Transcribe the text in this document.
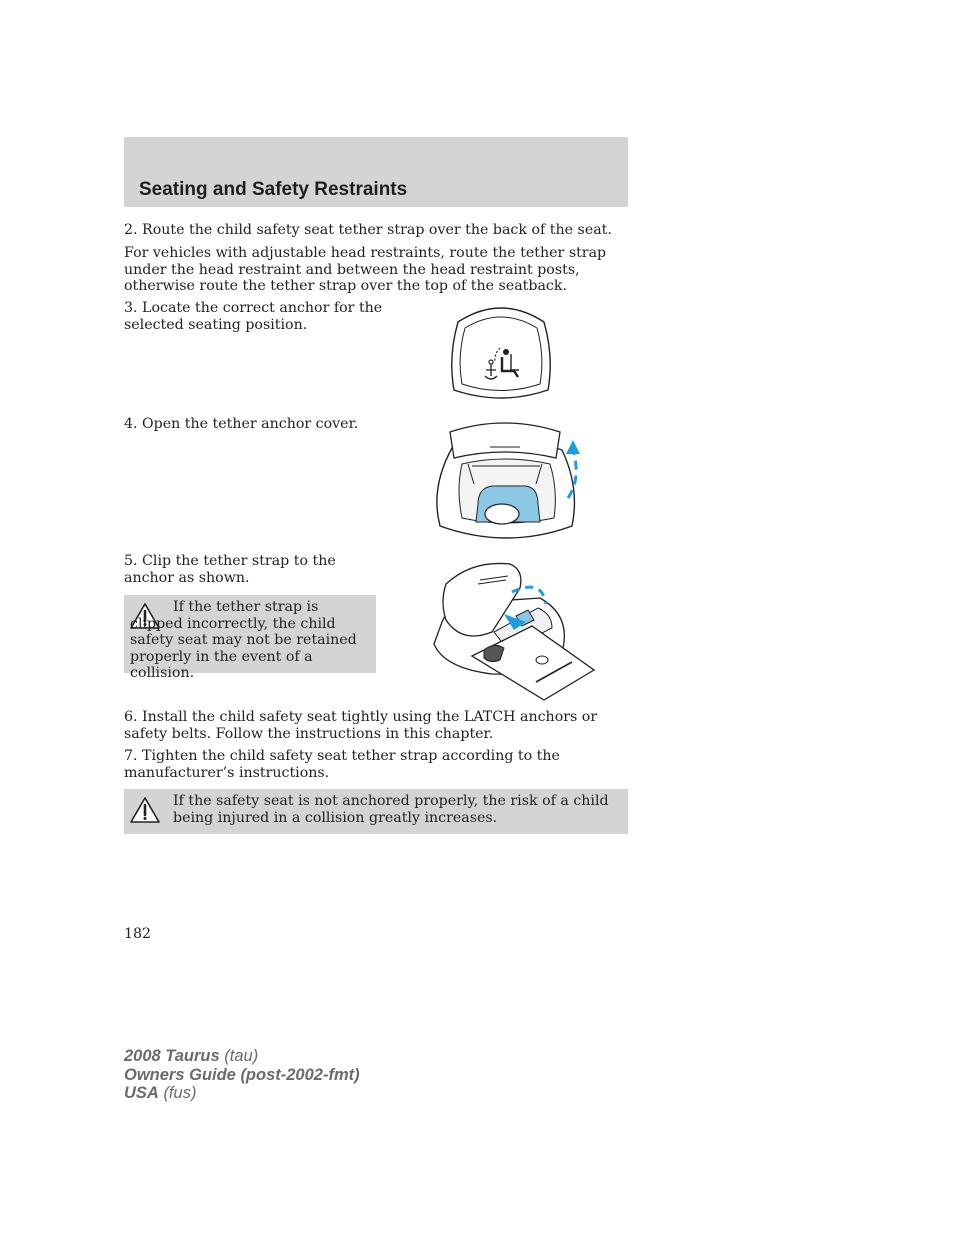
Seating and Safety Restraints
2. Route the child safety seat tether strap over the back of the seat.
For vehicles with adjustable head restraints, route the tether strap under the head restraint and between the head restraint posts, otherwise route the tether strap over the top of the seatback.
3. Locate the correct anchor for the selected seating position.
4. Open the tether anchor cover.
5. Clip the tether strap to the anchor as shown.
If the tether strap is clipped incorrectly, the child safety seat may not be retained properly in the event of a collision.
6. Install the child safety seat tightly using the LATCH anchors or safety belts. Follow the instructions in this chapter.
7. Tighten the child safety seat tether strap according to the manufacturer’s instructions.
If the safety seat is not anchored properly, the risk of a child being injured in a collision greatly increases.
182
2008 Taurus (tau)
Owners Guide (post-2002-fmt)
USA (fus)
